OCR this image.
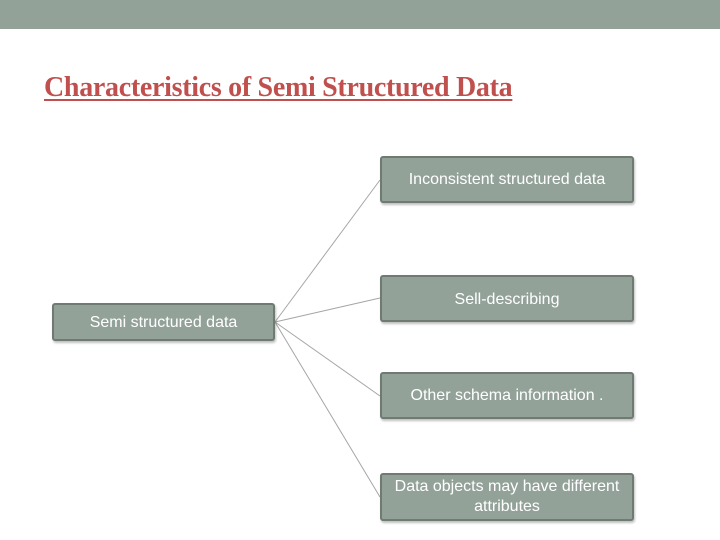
Characteristics of Semi Structured Data
Semi structured data
Inconsistent structured data
Sell-describing
Other schema information .
Data objects may have different attributes
